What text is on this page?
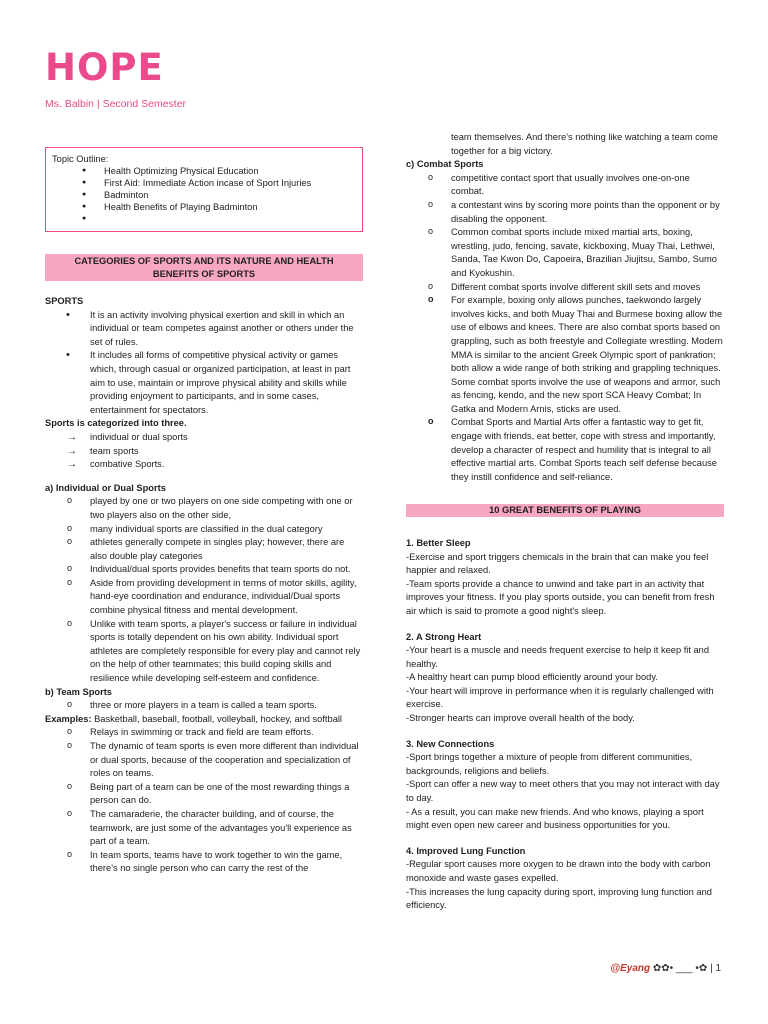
HOPE
Ms. Balbin | Second Semester
Topic Outline:
● Health Optimizing Physical Education
● First Aid: Immediate Action incase of Sport Injuries
● Badminton
● Health Benefits of Playing Badminton
●
CATEGORIES OF SPORTS AND ITS NATURE AND HEALTH BENEFITS OF SPORTS
SPORTS
• It is an activity involving physical exertion and skill in which an individual or team competes against another or others under the set of rules.
• It includes all forms of competitive physical activity or games which, through casual or organized participation, at least in part aim to use, maintain or improve physical ability and skills while providing enjoyment to participants, and in some cases, entertainment for spectators.
Sports is categorized into three.
→ individual or dual sports
→ team sports
→ combative Sports.
a) Individual or Dual Sports
o played by one or two players on one side competing with one or two players also on the other side,
o many individual sports are classified in the dual category
o athletes generally compete in singles play; however, there are also double play categories
o Individual/dual sports provides benefits that team sports do not.
o Aside from providing development in terms of motor skills, agility, hand-eye coordination and endurance, individual/Dual sports combine physical fitness and mental development.
o Unlike with team sports, a player's success or failure in individual sports is totally dependent on his own ability. Individual sport athletes are completely responsible for every play and cannot rely on the help of other teammates; this build coping skills and resilience while developing self-esteem and confidence.
b) Team Sports
o three or more players in a team is called a team sports.
Examples: Basketball, baseball, football, volleyball, hockey, and softball
o Relays in swimming or track and field are team efforts.
o The dynamic of team sports is even more different than individual or dual sports, because of the cooperation and specialization of roles on teams.
o Being part of a team can be one of the most rewarding things a person can do.
o The camaraderie, the character building, and of course, the teamwork, are just some of the advantages you'll experience as part of a team.
o In team sports, teams have to work together to win the game, there's no single person who can carry the rest of the
team themselves. And there's nothing like watching a team come together for a big victory.
c) Combat Sports
o competitive contact sport that usually involves one-on-one combat.
o a contestant wins by scoring more points than the opponent or by disabling the opponent.
o Common combat sports include mixed martial arts, boxing, wrestling, judo, fencing, savate, kickboxing, Muay Thai, Lethwei, Sanda, Tae Kwon Do, Capoeira, Brazilian Jiujitsu, Sambo, Sumo and Kyokushin.
o Different combat sports involve different skill sets and moves
o For example, boxing only allows punches, taekwondo largely involves kicks, and both Muay Thai and Burmese boxing allow the use of elbows and knees. There are also combat sports based on grappling, such as both freestyle and Collegiate wrestling. Modern MMA is similar to the ancient Greek Olympic sport of pankration; both allow a wide range of both striking and grappling techniques. Some combat sports involve the use of weapons and armor, such as fencing, kendo, and the new sport SCA Heavy Combat; In Gatka and Modern Arnis, sticks are used.
o Combat Sports and Martial Arts offer a fantastic way to get fit, engage with friends, eat better, cope with stress and importantly, develop a character of respect and humility that is integral to all effective martial arts. Combat Sports teach self defense because they instill confidence and self-reliance.
10 GREAT BENEFITS OF PLAYING
1. Better Sleep
-Exercise and sport triggers chemicals in the brain that can make you feel happier and relaxed.
-Team sports provide a chance to unwind and take part in an activity that improves your fitness. If you play sports outside, you can benefit from fresh air which is said to promote a good night's sleep.
2. A Strong Heart
-Your heart is a muscle and needs frequent exercise to help it keep fit and healthy.
-A healthy heart can pump blood efficiently around your body.
-Your heart will improve in performance when it is regularly challenged with exercise.
-Stronger hearts can improve overall health of the body.
3. New Connections
-Sport brings together a mixture of people from different communities, backgrounds, religions and beliefs.
-Sport can offer a new way to meet others that you may not interact with day to day.
- As a result, you can make new friends. And who knows, playing a sport might even open new career and business opportunities for you.
4. Improved Lung Function
-Regular sport causes more oxygen to be drawn into the body with carbon monoxide and waste gases expelled.
-This increases the lung capacity during sport, improving lung function and efficiency.
@Eyang ✿✿• ___ •✿ | 1
